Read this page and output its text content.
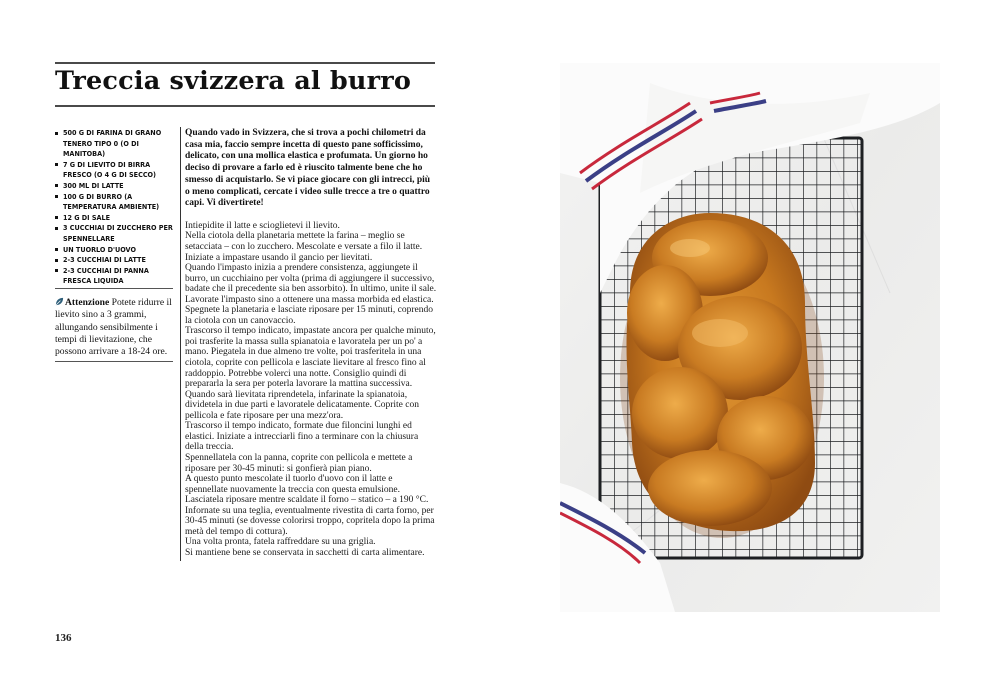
Treccia svizzera al burro
500 G DI FARINA DI GRANO TENERO TIPO 0 (O DI MANITOBA)
7 G DI LIEVITO DI BIRRA FRESCO (O 4 G DI SECCO)
300 ML DI LATTE
100 G DI BURRO (A TEMPERATURA AMBIENTE)
12 G DI SALE
3 CUCCHIAI DI ZUCCHERO PER SPENNELLARE
UN TUORLO D'UOVO
2-3 CUCCHIAI DI LATTE
2-3 CUCCHIAI DI PANNA FRESCA LIQUIDA
Attenzione Potete ridurre il lievito sino a 3 grammi, allungando sensibilmente i tempi di lievitazione, che possono arrivare a 18-24 ore.

Quando vado in Svizzera, che si trova a pochi chilometri da casa mia, faccio sempre incetta di questo pane sofficissimo, delicato, con una mollica elastica e profumata. Un giorno ho deciso di provare a farlo ed è riuscito talmente bene che ho smesso di acquistarlo. Se vi piace giocare con gli intrecci, più o meno complicati, cercate i video sulle trecce a tre o quattro capi. Vi divertirete!

Intiepidite il latte e scioglietevi il lievito.
Nella ciotola della planetaria mettete la farina – meglio se setacciata – con lo zucchero. Mescolate e versate a filo il latte.
Iniziate a impastare usando il gancio per lievitati.
Quando l'impasto inizia a prendere consistenza, aggiungete il burro, un cucchiaino per volta (prima di aggiungere il successivo, badate che il precedente sia ben assorbito). In ultimo, unite il sale.
Lavorate l'impasto sino a ottenere una massa morbida ed elastica. Spegnete la planetaria e lasciate riposare per 15 minuti, coprendo la ciotola con un canovaccio.
Trascorso il tempo indicato, impastate ancora per qualche minuto, poi trasferite la massa sulla spianatoia e lavoratela per un po' a mano. Piegatela in due almeno tre volte, poi trasferitela in una ciotola, coprite con pellicola e lasciate lievitare al fresco fino al raddoppio. Potrebbe volerci una notte. Consiglio quindi di prepararla la sera per poterla lavorare la mattina successiva.
Quando sarà lievitata riprendetela, infarinate la spianatoia, dividetela in due parti e lavoratele delicatamente. Coprite con pellicola e fate riposare per una mezz'ora.
Trascorso il tempo indicato, formate due filoncini lunghi ed elastici. Iniziate a intrecciarli fino a terminare con la chiusura della treccia.
Spennellatela con la panna, coprite con pellicola e mettete a riposare per 30-45 minuti: si gonfierà pian piano.
A questo punto mescolate il tuorlo d'uovo con il latte e spennellate nuovamente la treccia con questa emulsione.
Lasciatela riposare mentre scaldate il forno – statico – a 190 °C.
Infornate su una teglia, eventualmente rivestita di carta forno, per 30-45 minuti (se dovesse colorirsi troppo, copritela dopo la prima metà del tempo di cottura).
Una volta pronta, fatela raffreddare su una griglia.
Si mantiene bene se conservata in sacchetti di carta alimentare.
136
